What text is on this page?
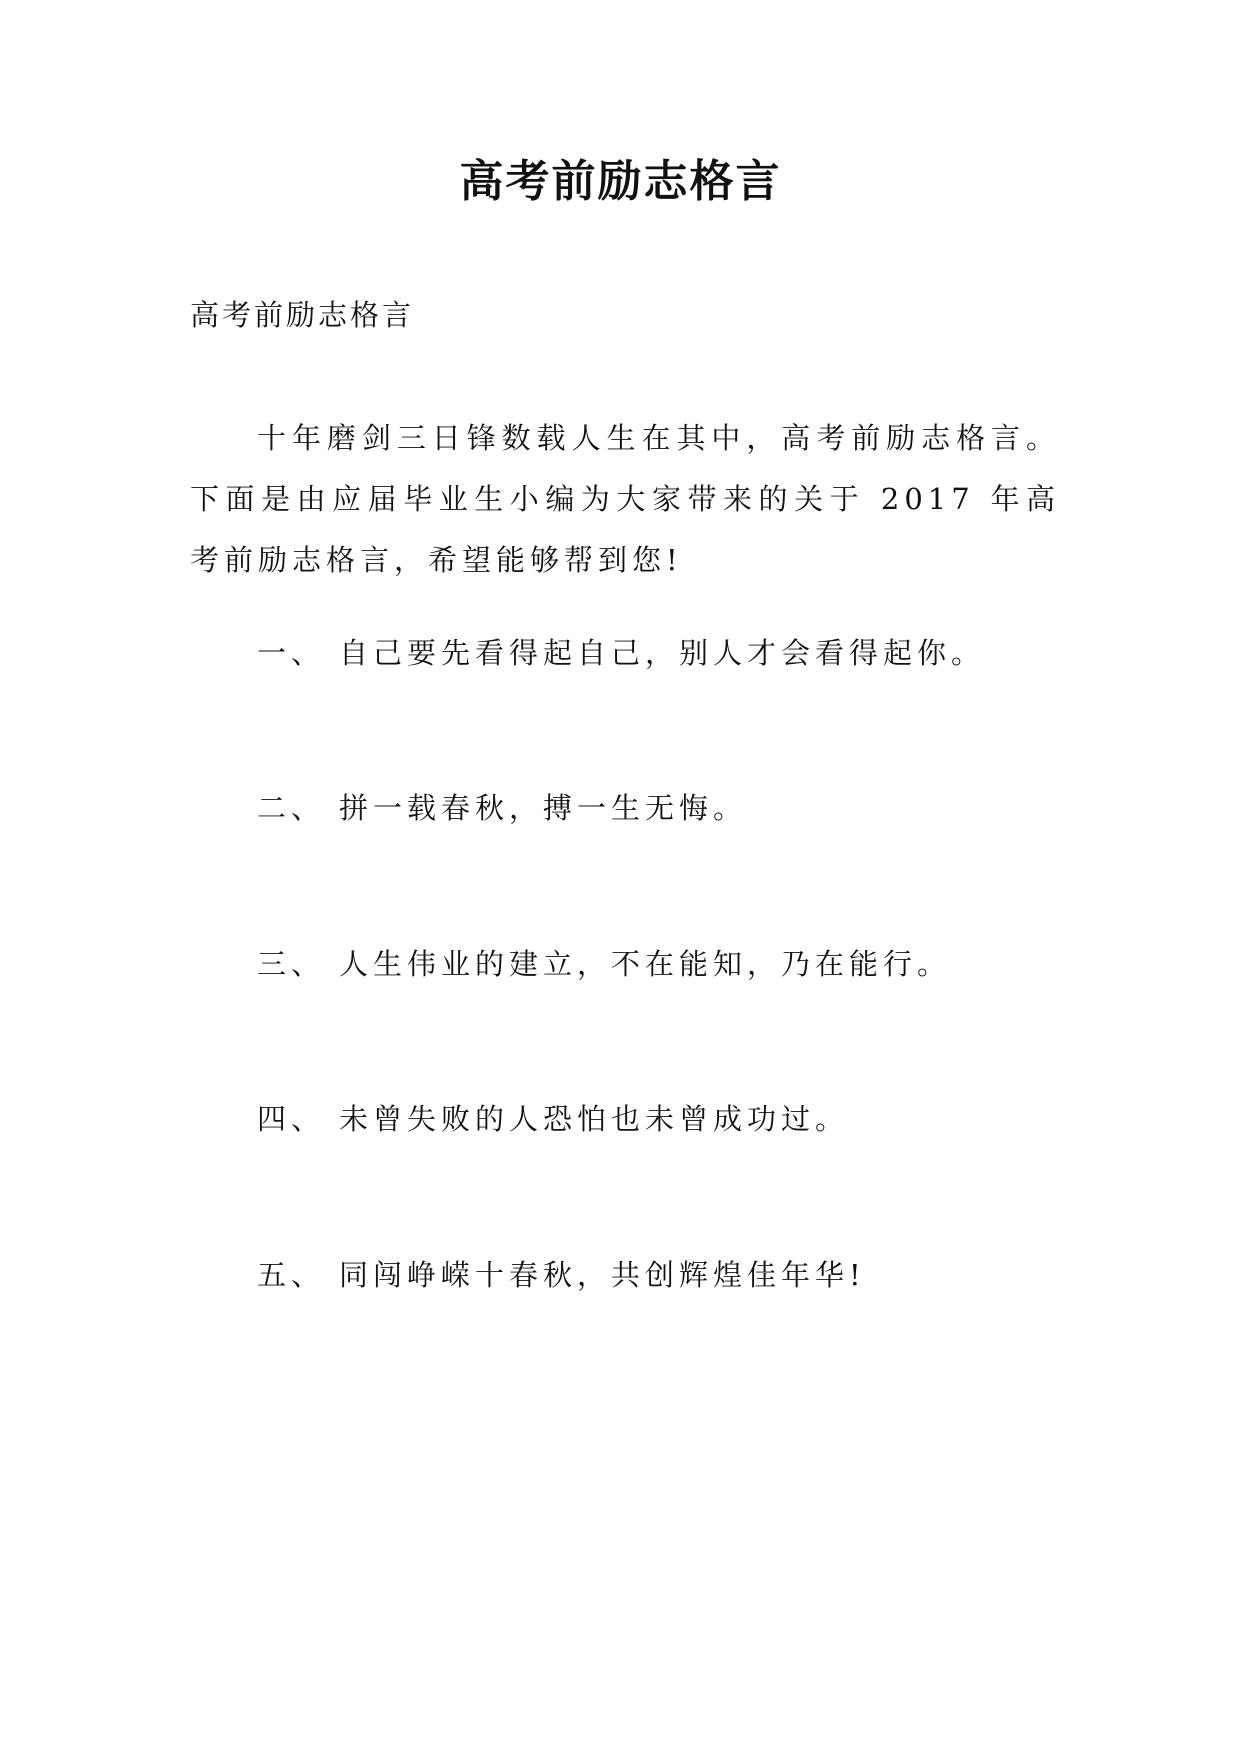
高考前励志格言
高考前励志格言
十年磨剑三日锋数载人生在其中，高考前励志格言。下面是由应届毕业生小编为大家带来的关于 2017 年高考前励志格言，希望能够帮到您!
一、 自己要先看得起自己，别人才会看得起你。
二、 拼一载春秋，搏一生无悔。
三、 人生伟业的建立，不在能知，乃在能行。
四、 未曾失败的人恐怕也未曾成功过。
五、 同闯峥嵘十春秋，共创辉煌佳年华!
